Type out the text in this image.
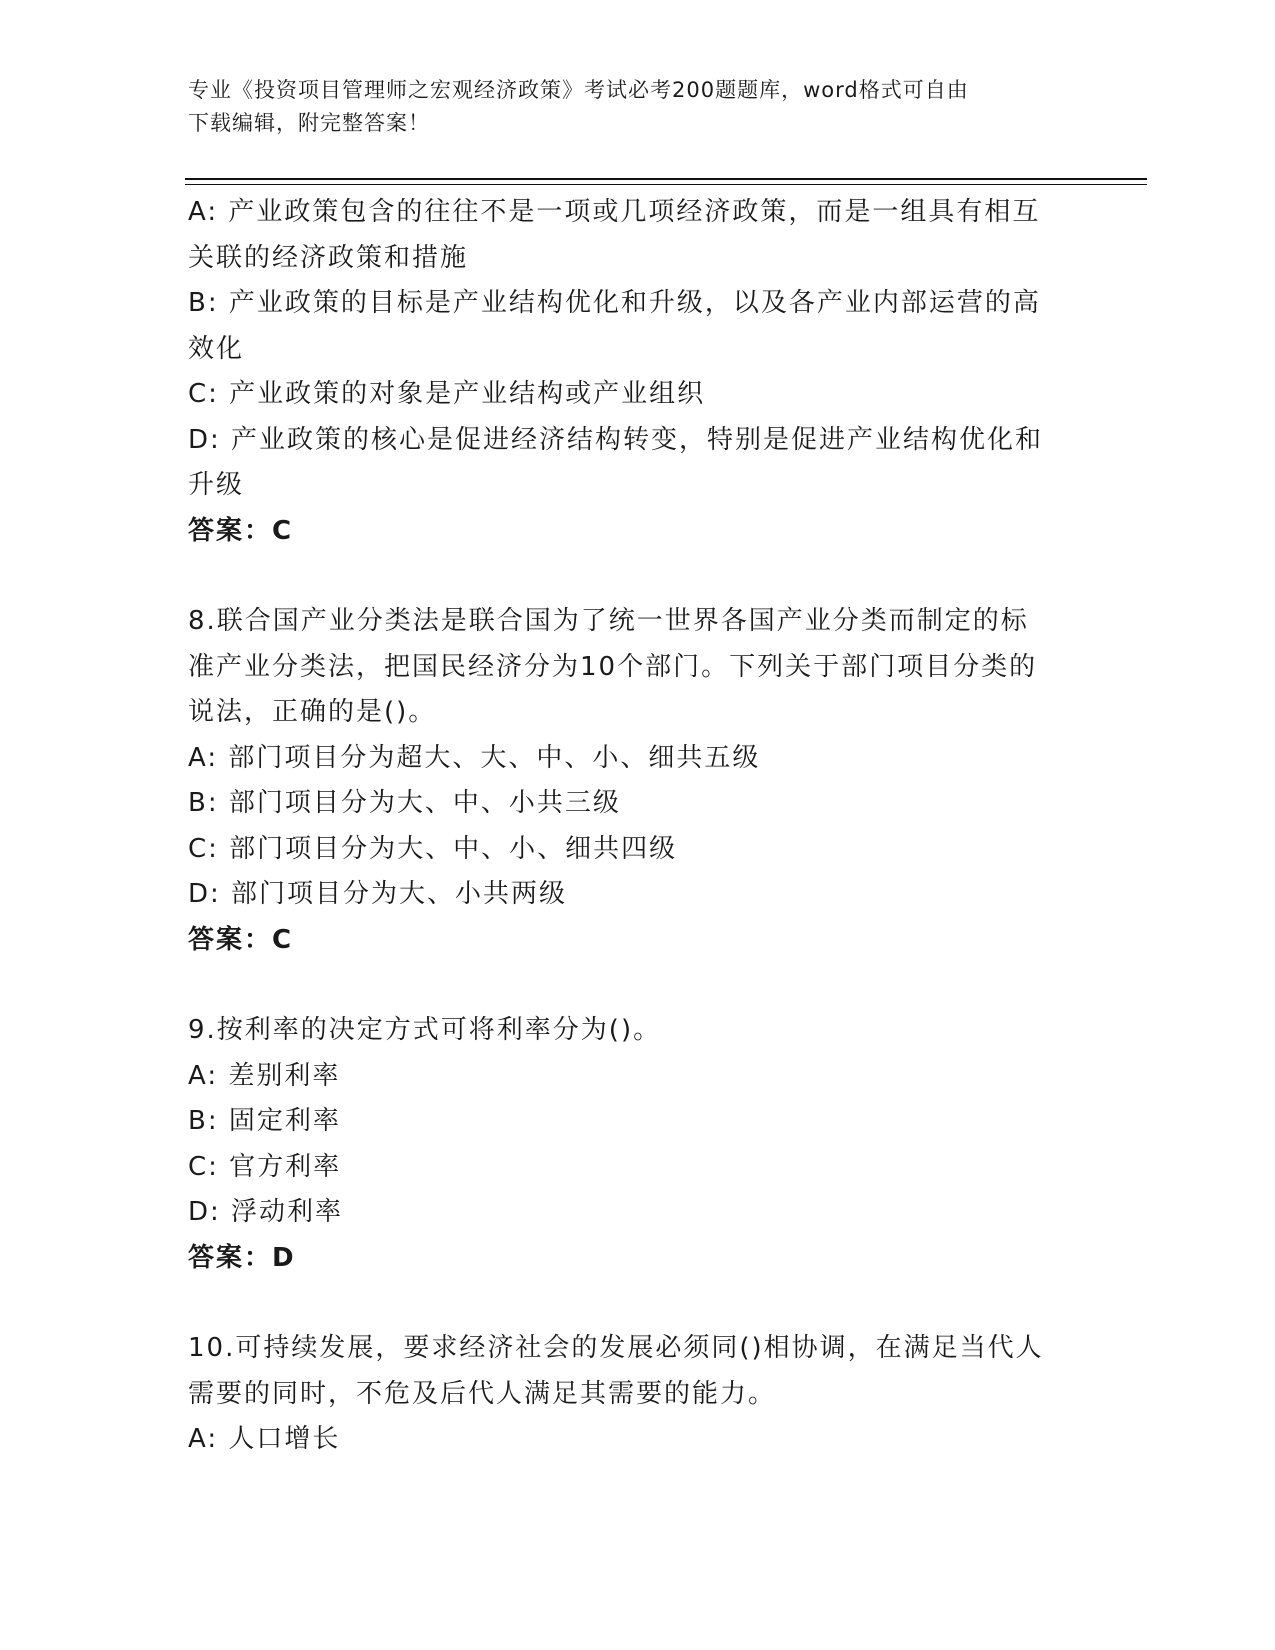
专业《投资项目管理师之宏观经济政策》考试必考200题题库，word格式可自由
下载编辑，附完整答案！
A: 产业政策包含的往往不是一项或几项经济政策，而是一组具有相互
关联的经济政策和措施
B: 产业政策的目标是产业结构优化和升级，以及各产业内部运营的高
效化
C: 产业政策的对象是产业结构或产业组织
D: 产业政策的核心是促进经济结构转变，特别是促进产业结构优化和
升级
答案：C
8.联合国产业分类法是联合国为了统一世界各国产业分类而制定的标
准产业分类法，把国民经济分为10个部门。下列关于部门项目分类的
说法，正确的是()。
A: 部门项目分为超大、大、中、小、细共五级
B: 部门项目分为大、中、小共三级
C: 部门项目分为大、中、小、细共四级
D: 部门项目分为大、小共两级
答案：C
9.按利率的决定方式可将利率分为()。
A: 差别利率
B: 固定利率
C: 官方利率
D: 浮动利率
答案：D
10.可持续发展，要求经济社会的发展必须同()相协调，在满足当代人
需要的同时，不危及后代人满足其需要的能力。
A: 人口增长
